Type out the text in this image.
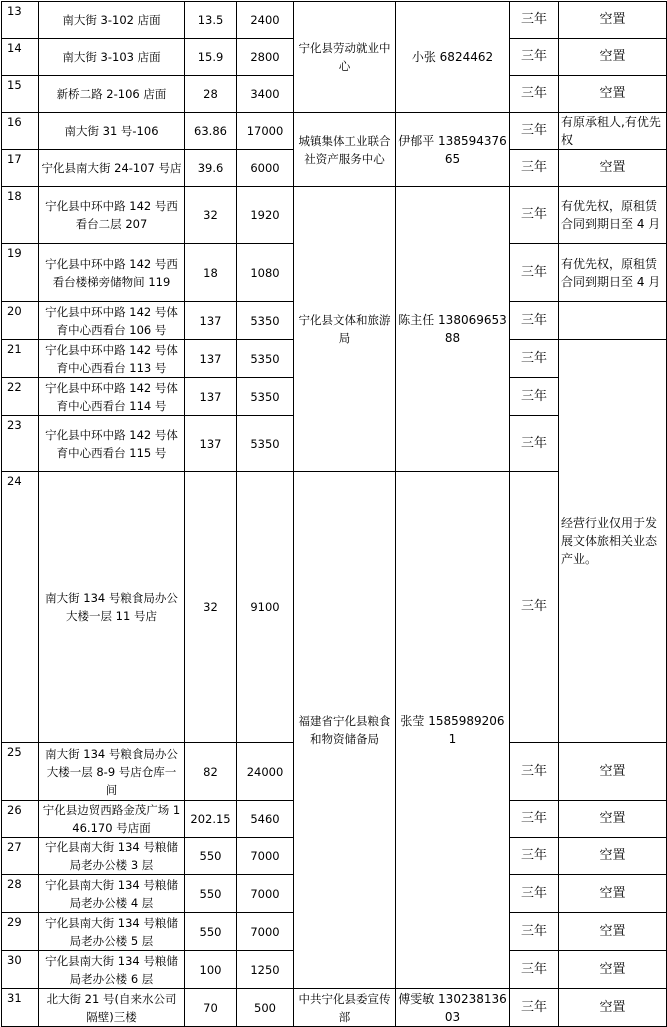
13	南大街 3-102 店面	13.5	2400	宁化县劳动就业中心	小张 6824462	三年	空置	
14	南大街 3-103 店面	15.9	2800			三年	空置	
15	新桥二路 2-106 店面	28	3400			三年	空置	
16	南大街 31 号-106	63.86	17000	城镇集体工业联合社资产服务中心	伊郁平 13859437665	三年	有原承租人,有优先权	
17	宁化县南大街 24-107 号店	39.6	6000			三年	空置	
18	宁化县中环中路 142 号西看台二层 207	32	1920	宁化县文体和旅游局	陈主任 13806965388	三年	有优先权，原租赁合同到期日至 4 月	
19	宁化县中环中路 142 号西看台楼梯旁储物间 119	18	1080			三年	有优先权，原租赁合同到期日至 4 月	
20	宁化县中环中路 142 号体育中心西看台 106 号	137	5350			三年		
21	宁化县中环中路 142 号体育中心西看台 113 号	137	5350			三年	经营行业仅用于发展文体旅相关业态产业。	
22	宁化县中环中路 142 号体育中心西看台 114 号	137	5350			三年		
23	宁化县中环中路 142 号体育中心西看台 115 号	137	5350			三年		
24	南大街 134 号粮食局办公大楼一层 11 号店	32	9100	福建省宁化县粮食和物资储备局	张莹 15859892061	三年	
25	南大街 134 号粮食局办公大楼一层 8-9 号店仓库一间	82	24000			三年	空置	
26	宁化县边贸西路金茂广场 146.170 号店面	202.15	5460			三年	空置	
27	宁化县南大街 134 号粮储局老办公楼 3 层	550	7000			三年	空置	
28	宁化县南大街 134 号粮储局老办公楼 4 层	550	7000			三年	空置	
29	宁化县南大街 134 号粮储局老办公楼 5 层	550	7000			三年	空置	
30	宁化县南大街 134 号粮储局老办公楼 6 层	100	1250			三年	空置	
31	北大街 21 号(自来水公司隔壁)三楼	70	500	中共宁化县委宣传部	傅雯敏 13023813603	三年	空置	
